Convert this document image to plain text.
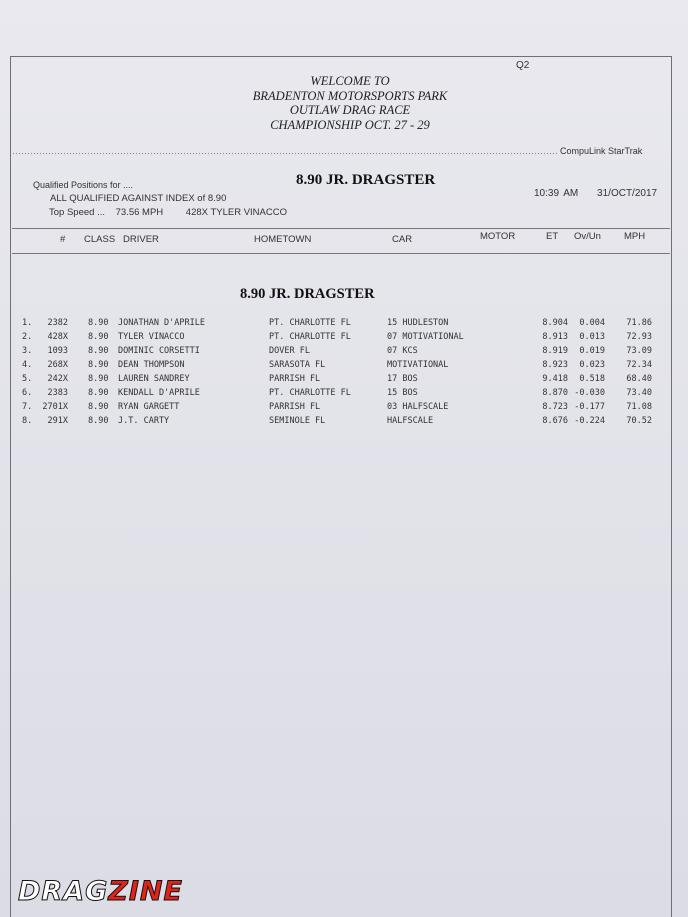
Q2
WELCOME TO
BRADENTON MOTORSPORTS PARK
OUTLAW DRAG RACE
CHAMPIONSHIP OCT. 27 - 29
CompuLink StarTrak
Qualified Positions for ....
ALL QUALIFIED AGAINST INDEX of 8.90
Top Speed ... 73.56 MPH 428X TYLER VINACCO
8.90 JR. DRAGSTER
10:39 AM 31/OCT/2017
# CLASS DRIVER	HOMETOWN	CAR	MOTOR	ET Ov/Un MPH
8.90 JR. DRAGSTER
1. 2382 8.90 JONATHAN D'APRILE	PT. CHARLOTTE FL	15 HUDLESTON	8.904 0.004	71.86
2. 428X 8.90 TYLER VINACCO	PT. CHARLOTTE FL	07 MOTIVATIONAL	8.913 0.013	72.93
3. 1093 8.90 DOMINIC CORSETTI	DOVER FL	07 KCS	8.919 0.019	73.09
4. 268X 8.90 DEAN THOMPSON	SARASOTA FL	MOTIVATIONAL	8.923 0.023	72.34
5. 242X 8.90 LAUREN SANDREY	PARRISH FL	17 BOS	9.418 0.518	68.40
6. 2383 8.90 KENDALL D'APRILE	PT. CHARLOTTE FL	15 BOS	8.870 -0.030	73.40
7. 2701X 8.90 RYAN GARGETT	PARRISH FL	03 HALFSCALE	8.723 -0.177	71.08
8. 291X 8.90 J.T. CARTY	SEMINOLE FL	HALFSCALE	8.676 -0.224	70.52
DRAGZINE
